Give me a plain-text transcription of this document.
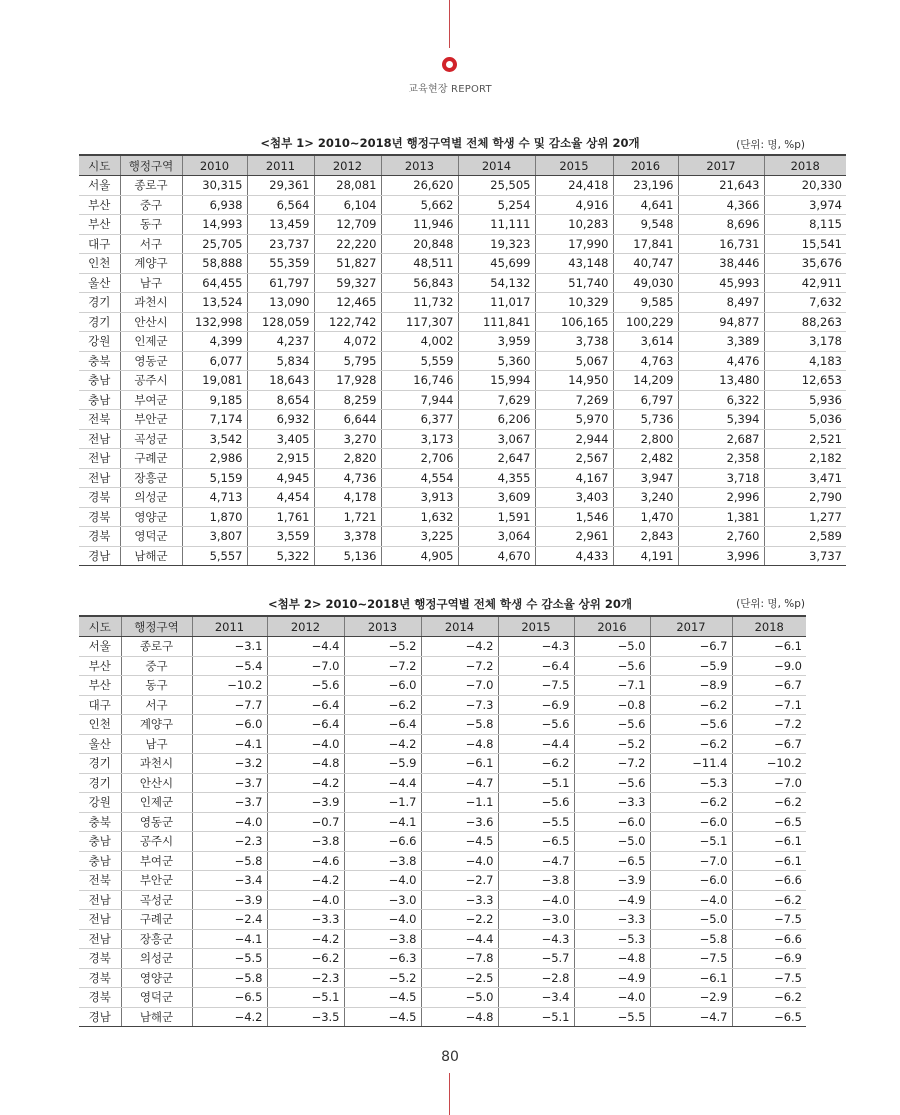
교육현장 REPORT
<첨부 1> 2010~2018년 행정구역별 전체 학생 수 및 감소율 상위 20개	(단위: 명, %p)
시도	행정구역	2010	2011	2012	2013	2014	2015	2016	2017	2018
서울	종로구	30,315	29,361	28,081	26,620	25,505	24,418	23,196	21,643	20,330
부산	중구	6,938	6,564	6,104	5,662	5,254	4,916	4,641	4,366	3,974
부산	동구	14,993	13,459	12,709	11,946	11,111	10,283	9,548	8,696	8,115
대구	서구	25,705	23,737	22,220	20,848	19,323	17,990	17,841	16,731	15,541
인천	계양구	58,888	55,359	51,827	48,511	45,699	43,148	40,747	38,446	35,676
울산	남구	64,455	61,797	59,327	56,843	54,132	51,740	49,030	45,993	42,911
경기	과천시	13,524	13,090	12,465	11,732	11,017	10,329	9,585	8,497	7,632
경기	안산시	132,998	128,059	122,742	117,307	111,841	106,165	100,229	94,877	88,263
강원	인제군	4,399	4,237	4,072	4,002	3,959	3,738	3,614	3,389	3,178
충북	영동군	6,077	5,834	5,795	5,559	5,360	5,067	4,763	4,476	4,183
충남	공주시	19,081	18,643	17,928	16,746	15,994	14,950	14,209	13,480	12,653
충남	부여군	9,185	8,654	8,259	7,944	7,629	7,269	6,797	6,322	5,936
전북	부안군	7,174	6,932	6,644	6,377	6,206	5,970	5,736	5,394	5,036
전남	곡성군	3,542	3,405	3,270	3,173	3,067	2,944	2,800	2,687	2,521
전남	구례군	2,986	2,915	2,820	2,706	2,647	2,567	2,482	2,358	2,182
전남	장흥군	5,159	4,945	4,736	4,554	4,355	4,167	3,947	3,718	3,471
경북	의성군	4,713	4,454	4,178	3,913	3,609	3,403	3,240	2,996	2,790
경북	영양군	1,870	1,761	1,721	1,632	1,591	1,546	1,470	1,381	1,277
경북	영덕군	3,807	3,559	3,378	3,225	3,064	2,961	2,843	2,760	2,589
경남	남해군	5,557	5,322	5,136	4,905	4,670	4,433	4,191	3,996	3,737
<첨부 2> 2010~2018년 행정구역별 전체 학생 수 감소율 상위 20개	(단위: 명, %p)
시도	행정구역	2011	2012	2013	2014	2015	2016	2017	2018
서울	종로구	−3.1	−4.4	−5.2	−4.2	−4.3	−5.0	−6.7	−6.1
부산	중구	−5.4	−7.0	−7.2	−7.2	−6.4	−5.6	−5.9	−9.0
부산	동구	−10.2	−5.6	−6.0	−7.0	−7.5	−7.1	−8.9	−6.7
대구	서구	−7.7	−6.4	−6.2	−7.3	−6.9	−0.8	−6.2	−7.1
인천	계양구	−6.0	−6.4	−6.4	−5.8	−5.6	−5.6	−5.6	−7.2
울산	남구	−4.1	−4.0	−4.2	−4.8	−4.4	−5.2	−6.2	−6.7
경기	과천시	−3.2	−4.8	−5.9	−6.1	−6.2	−7.2	−11.4	−10.2
경기	안산시	−3.7	−4.2	−4.4	−4.7	−5.1	−5.6	−5.3	−7.0
강원	인제군	−3.7	−3.9	−1.7	−1.1	−5.6	−3.3	−6.2	−6.2
충북	영동군	−4.0	−0.7	−4.1	−3.6	−5.5	−6.0	−6.0	−6.5
충남	공주시	−2.3	−3.8	−6.6	−4.5	−6.5	−5.0	−5.1	−6.1
충남	부여군	−5.8	−4.6	−3.8	−4.0	−4.7	−6.5	−7.0	−6.1
전북	부안군	−3.4	−4.2	−4.0	−2.7	−3.8	−3.9	−6.0	−6.6
전남	곡성군	−3.9	−4.0	−3.0	−3.3	−4.0	−4.9	−4.0	−6.2
전남	구례군	−2.4	−3.3	−4.0	−2.2	−3.0	−3.3	−5.0	−7.5
전남	장흥군	−4.1	−4.2	−3.8	−4.4	−4.3	−5.3	−5.8	−6.6
경북	의성군	−5.5	−6.2	−6.3	−7.8	−5.7	−4.8	−7.5	−6.9
경북	영양군	−5.8	−2.3	−5.2	−2.5	−2.8	−4.9	−6.1	−7.5
경북	영덕군	−6.5	−5.1	−4.5	−5.0	−3.4	−4.0	−2.9	−6.2
경남	남해군	−4.2	−3.5	−4.5	−4.8	−5.1	−5.5	−4.7	−6.5
80
